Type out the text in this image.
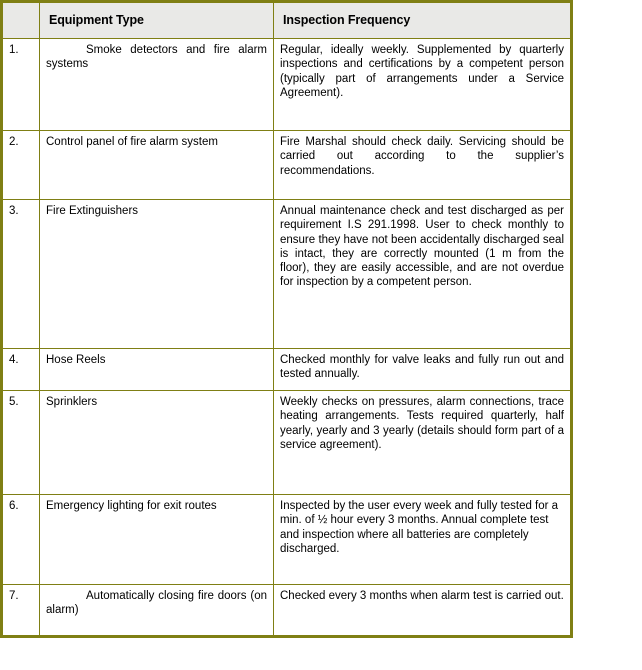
	Equipment Type	Inspection Frequency
1.	Smoke detectors and fire alarm systems	Regular, ideally weekly. Supplemented by quarterly inspections and certifications by a competent person (typically part of arrangements under a Service Agreement).
2.	Control panel of fire alarm system	Fire Marshal should check daily. Servicing should be carried out according to the supplier’s recommendations.
3.	Fire Extinguishers	Annual maintenance check and test discharged as per requirement I.S 291.1998. User to check monthly to ensure they have not been accidentally discharged seal is intact, they are correctly mounted (1 m from the floor), they are easily accessible, and are not overdue for inspection by a competent person.
4.	Hose Reels	Checked monthly for valve leaks and fully run out and tested annually.
5.	Sprinklers	Weekly checks on pressures, alarm connections, trace heating arrangements. Tests required quarterly, half yearly, yearly and 3 yearly (details should form part of a service agreement).
6.	Emergency lighting for exit routes	Inspected by the user every week and fully tested for a min. of ½ hour every 3 months. Annual complete test and inspection where all batteries are completely discharged.
7.	Automatically closing fire doors (on alarm)	Checked every 3 months when alarm test is carried out.
